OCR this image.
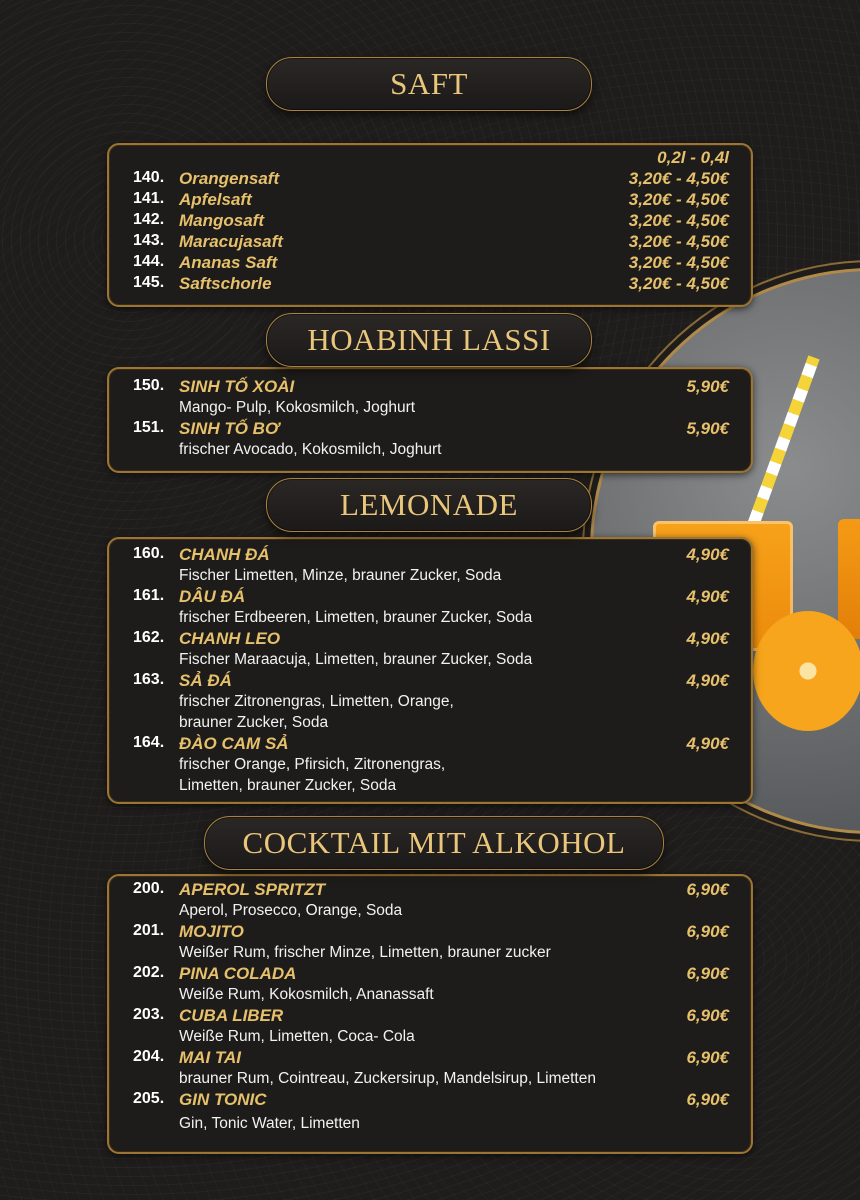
SAFT
0,2l - 0,4l
140. Orangensaft	3,20€ - 4,50€
141. Apfelsaft	3,20€ - 4,50€
142. Mangosaft	3,20€ - 4,50€
143. Maracujasaft	3,20€ - 4,50€
144. Ananas Saft	3,20€ - 4,50€
145. Saftschorle	3,20€ - 4,50€
HOABINH LASSI
150. SINH TỐ XOÀI	5,90€
Mango- Pulp, Kokosmilch, Joghurt
151. SINH TỐ BƠ	5,90€
frischer Avocado, Kokosmilch, Joghurt
LEMONADE
160. CHANH ĐÁ	4,90€
Fischer Limetten, Minze, brauner Zucker, Soda
161. DÂU ĐÁ	4,90€
frischer Erdbeeren, Limetten, brauner Zucker, Soda
162. CHANH LEO	4,90€
Fischer Maraacuja, Limetten, brauner Zucker, Soda
163. SẢ ĐÁ	4,90€
frischer Zitronengras, Limetten, Orange,
brauner Zucker, Soda
164. ĐÀO CAM SẢ	4,90€
frischer Orange, Pfirsich, Zitronengras,
Limetten, brauner Zucker, Soda
COCKTAIL MIT ALKOHOL
200. APEROL SPRITZT	6,90€
Aperol, Prosecco, Orange, Soda
201. MOJITO	6,90€
Weißer Rum, frischer Minze, Limetten, brauner zucker
202. PINA COLADA	6,90€
Weiße Rum, Kokosmilch, Ananassaft
203. CUBA LIBER	6,90€
Weiße Rum, Limetten, Coca- Cola
204. MAI TAI	6,90€
brauner Rum, Cointreau, Zuckersirup, Mandelsirup, Limetten
205. GIN TONIC	6,90€
Gin, Tonic Water, Limetten
